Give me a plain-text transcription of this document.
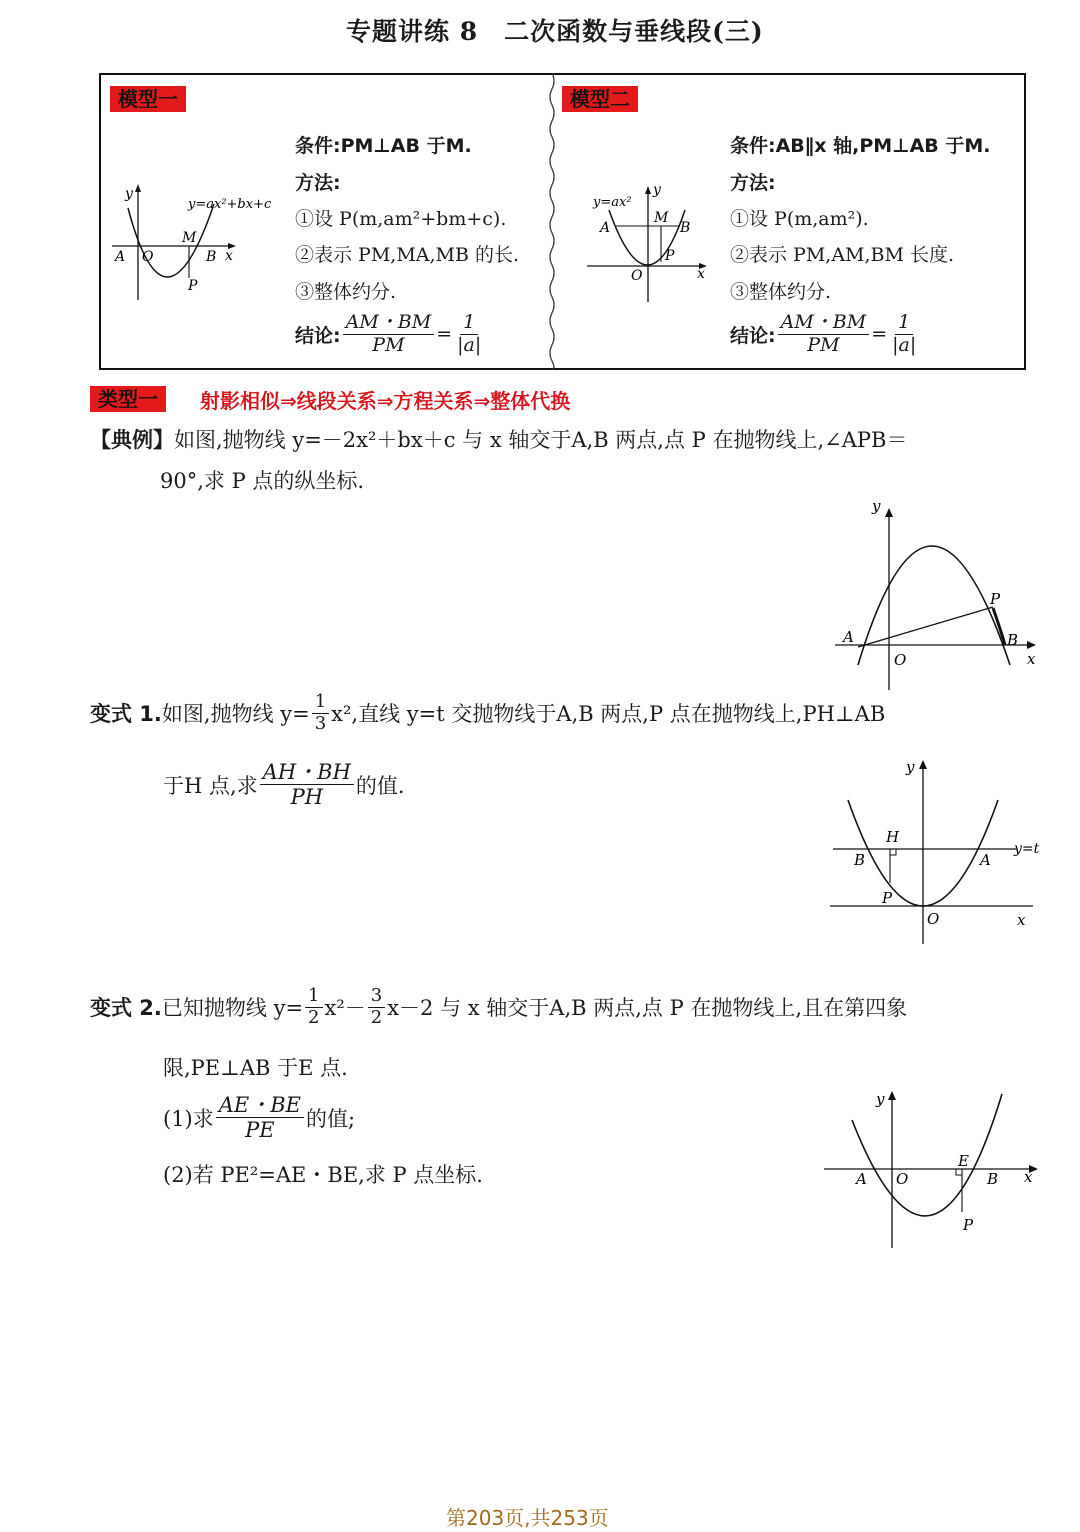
专题讲练 8　二次函数与垂线段(三)
模型一
y
y=ax²+bx+c
A O	B
M
P
x
条件:PM⊥AB 于M.
方法:
①设 P(m,am²+bm+c).
②表示 PM,MA,MB 的长.
③整体约分.
结论: $\frac{AM・BM}{PM} = \frac{1}{|a|}$
模型二
y
y=ax²
A	B
M
P
O	x
条件:AB∥x 轴,PM⊥AB 于M.
方法:
①设 P(m,am²).
②表示 PM,AM,BM 长度.
③整体约分.
结论: $\frac{AM・BM}{PM} = \frac{1}{|a|}$
类型一	射影相似⇒线段关系⇒方程关系⇒整体代换
【典例】如图,抛物线 y=－2x²＋bx＋c 与 x 轴交于A,B 两点,点 P 在抛物线上,∠APB＝
90°,求 P 点的纵坐标.
y
A
O
P
B
x
变式 1. 如图,抛物线 $y= \frac{1}{3} x^2$,直线 y=t 交抛物线于A,B 两点,P 点在抛物线上,PH⊥AB
于H 点,求 $\frac{AH・BH}{PH}$ 的值.
y
H
B	A
y=t
P
O	x
变式 2. 已知抛物线 $y= \frac{1}{2} x^2- \frac{3}{2} x-2$ 与 x 轴交于A,B 两点,点 P 在抛物线上,且在第四象
限,PE⊥AB 于E 点.
(1)求 $\frac{AE・BE}{PE}$ 的值;
(2)若 PE²=AE・BE,求 P 点坐标.
y
A O
E
B x
P
第203页,共253页
